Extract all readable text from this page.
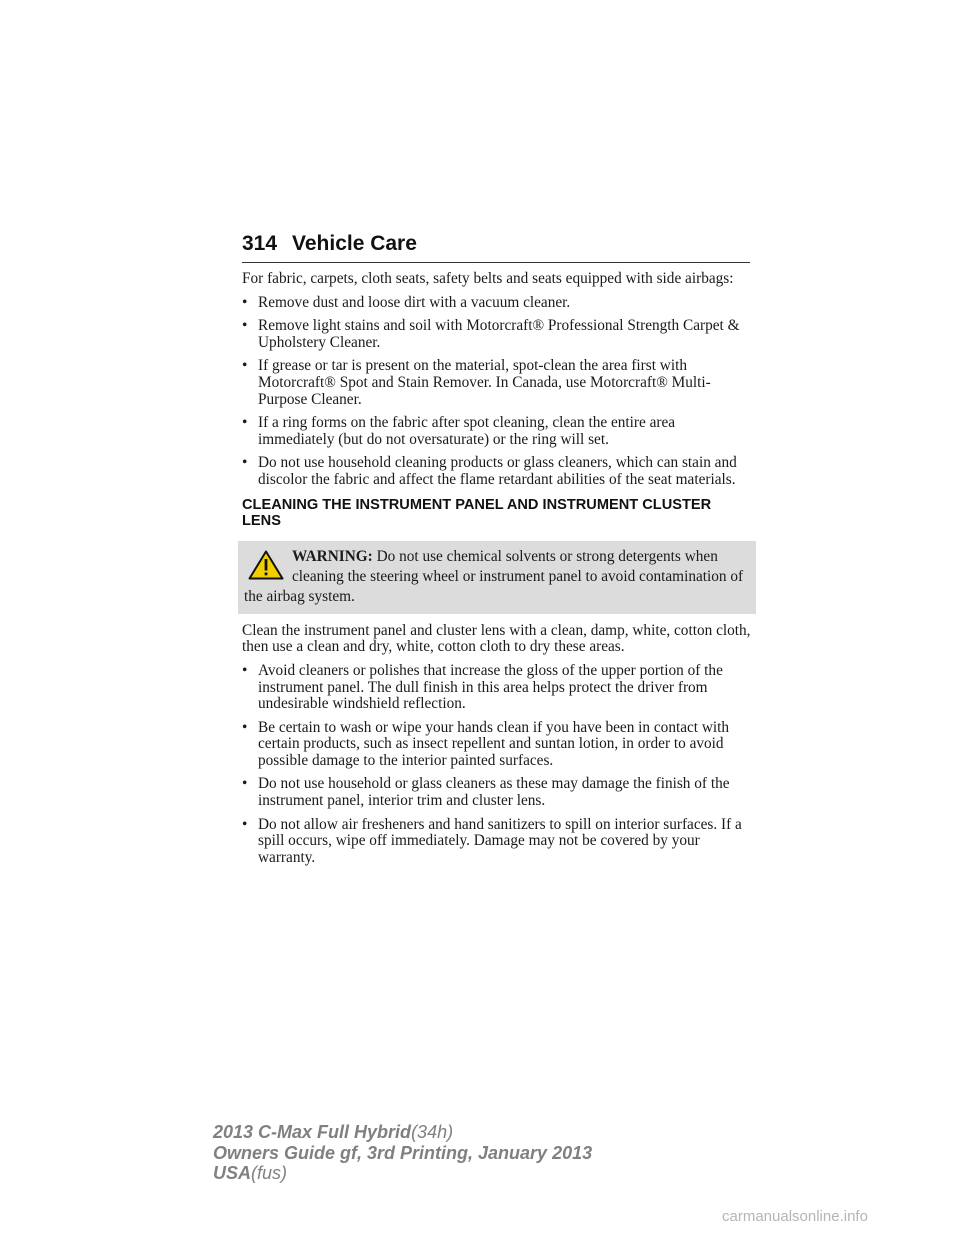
314 Vehicle Care

For fabric, carpets, cloth seats, safety belts and seats equipped with side airbags:

• Remove dust and loose dirt with a vacuum cleaner.
• Remove light stains and soil with Motorcraft® Professional Strength Carpet & Upholstery Cleaner.
• If grease or tar is present on the material, spot-clean the area first with Motorcraft® Spot and Stain Remover. In Canada, use Motorcraft® Multi-Purpose Cleaner.
• If a ring forms on the fabric after spot cleaning, clean the entire area immediately (but do not oversaturate) or the ring will set.
• Do not use household cleaning products or glass cleaners, which can stain and discolor the fabric and affect the flame retardant abilities of the seat materials.
CLEANING THE INSTRUMENT PANEL AND INSTRUMENT CLUSTER LENS
WARNING: Do not use chemical solvents or strong detergents when cleaning the steering wheel or instrument panel to avoid contamination of the airbag system.

Clean the instrument panel and cluster lens with a clean, damp, white, cotton cloth, then use a clean and dry, white, cotton cloth to dry these areas.

• Avoid cleaners or polishes that increase the gloss of the upper portion of the instrument panel. The dull finish in this area helps protect the driver from undesirable windshield reflection.
• Be certain to wash or wipe your hands clean if you have been in contact with certain products, such as insect repellent and suntan lotion, in order to avoid possible damage to the interior painted surfaces.
• Do not use household or glass cleaners as these may damage the finish of the instrument panel, interior trim and cluster lens.
• Do not allow air fresheners and hand sanitizers to spill on interior surfaces. If a spill occurs, wipe off immediately. Damage may not be covered by your warranty.
2013 C-Max Full Hybrid(34h)
Owners Guide gf, 3rd Printing, January 2013
USA(fus)
carmanualsonline.info
